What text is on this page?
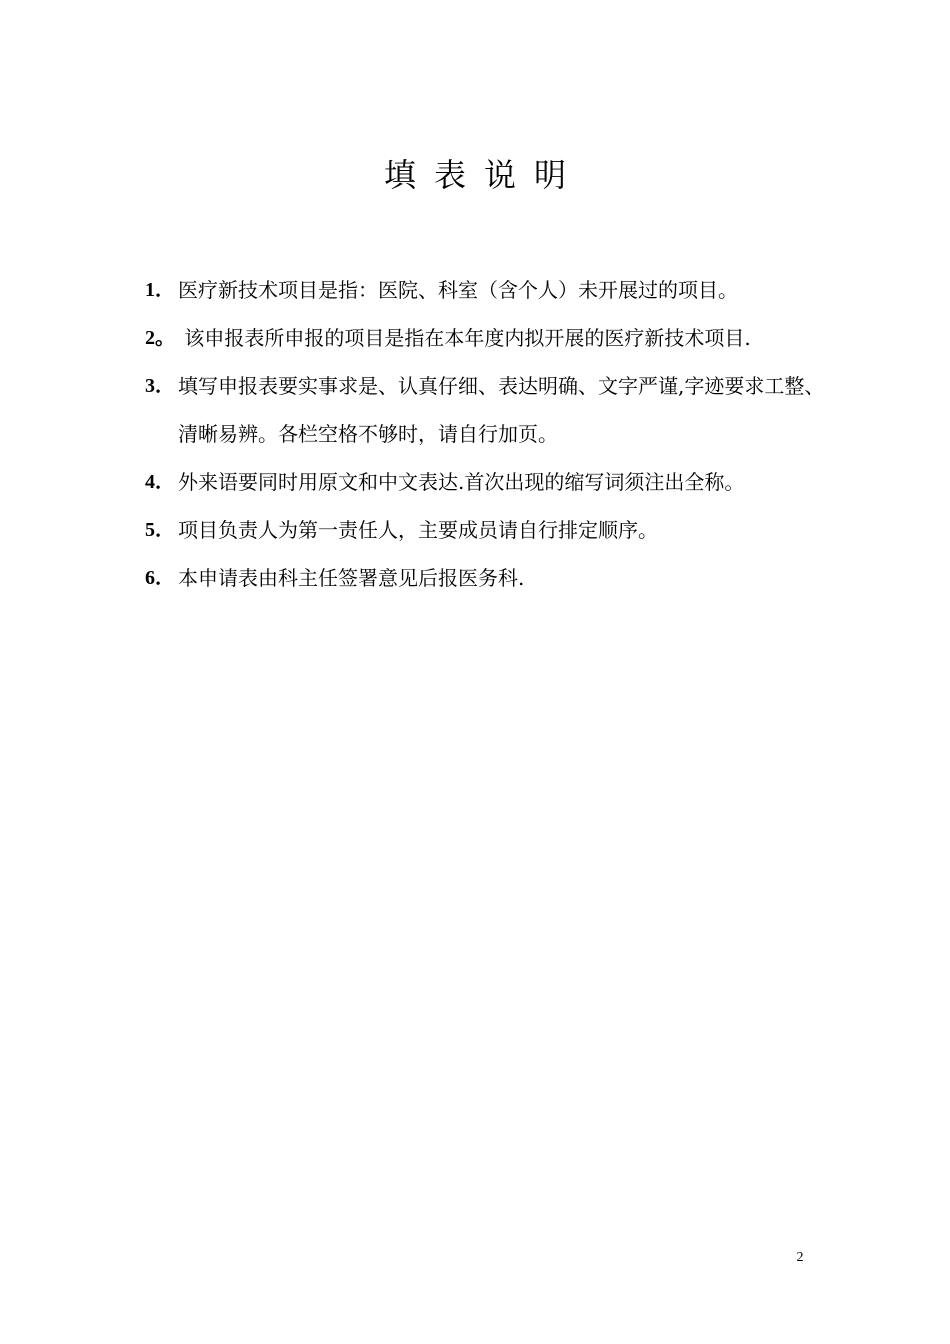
填表说明
1． 医疗新技术项目是指：医院、科室（含个人）未开展过的项目。
2。 该申报表所申报的项目是指在本年度内拟开展的医疗新技术项目.
3． 填写申报表要实事求是、认真仔细、表达明确、文字严谨,字迹要求工整、清晰易辨。各栏空格不够时，请自行加页。
4． 外来语要同时用原文和中文表达.首次出现的缩写词须注出全称。
5． 项目负责人为第一责任人，主要成员请自行排定顺序。
6． 本申请表由科主任签署意见后报医务科.
2
